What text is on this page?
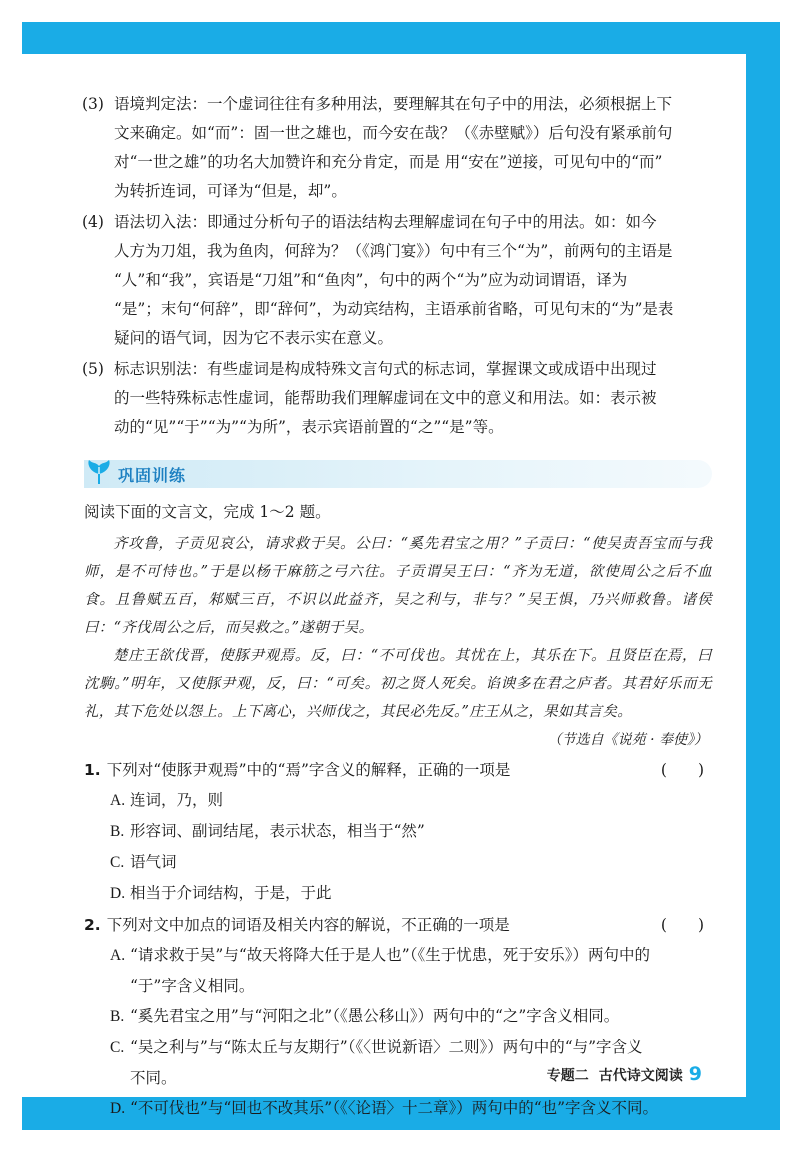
(3) 语境判定法：一个虚词往往有多种用法，要理解其在句子中的用法，必须根据上下
文来确定。如“而”：固一世之雄也，而今安在哉？（《赤壁赋》）后句没有紧承前句
对“一世之雄”的功名大加赞许和充分肯定，而是 用“安在”逆接，可见句中的“而”
为转折连词，可译为“但是，却”。
(4) 语法切入法：即通过分析句子的语法结构去理解虚词在句子中的用法。如：如今
人方为刀俎，我为鱼肉，何辞为？（《鸿门宴》）句中有三个“为”，前两句的主语是
“人”和“我”，宾语是“刀俎”和“鱼肉”，句中的两个“为”应为动词谓语，译为
“是”；末句“何辞”，即“辞何”，为动宾结构，主语承前省略，可见句末的“为”是表
疑问的语气词，因为它不表示实在意义。
(5) 标志识别法：有些虚词是构成特殊文言句式的标志词，掌握课文或成语中出现过
的一些特殊标志性虚词，能帮助我们理解虚词在文中的意义和用法。如：表示被
动的“见”“于”“为”“为所”，表示宾语前置的“之”“是”等。
巩固训练

阅读下面的文言文，完成 1～2 题。

齐攻鲁，子贡见哀公，请求救于吴。公曰：“奚先君宝之用？”子贡曰：“使吴责吾宝而与我师，是不可恃也。”于是以杨干麻筋之弓六往。子贡谓吴王曰：“齐为无道，欲使周公之后不血食。且鲁赋五百，邾赋三百，不识以此益齐，吴之利与，非与？”吴王惧，乃兴师救鲁。诸侯曰：“齐伐周公之后，而吴救之。”遂朝于吴。

楚庄王欲伐晋，使豚尹观焉。反，曰：“不可伐也。其忧在上，其乐在下。且贤臣在焉，曰沈駒。”明年，又使豚尹观，反，曰：“可矣。初之贤人死矣。谄谀多在君之庐者。其君好乐而无礼，其下危处以怨上。上下离心，兴师伐之，其民必先反。”庄王从之，果如其言矣。

（节选自《说苑 · 奉使》）
1. 下列对“使豚尹观焉”中的“焉”字含义的解释，正确的一项是	(　　)
A. 连词，乃，则
B. 形容词、副词结尾，表示状态，相当于“然”
C. 语气词
D. 相当于介词结构，于是，于此
2. 下列对文中加点的词语及相关内容的解说，不正确的一项是	(　　)
A. “请求救于吴”与“故天将降大任于是人也”（《生于忧患，死于安乐》）两句中的
“于”字含义相同。
B. “奚先君宝之用”与“河阳之北”（《愚公移山》）两句中的“之”字含义相同。
C. “吴之利与”与“陈太丘与友期行”（《〈世说新语〉二则》）两句中的“与”字含义
不同。
D. “不可伐也”与“回也不改其乐”（《〈论语〉十二章》）两句中的“也”字含义不同。
专题二 古代诗文阅读 9
